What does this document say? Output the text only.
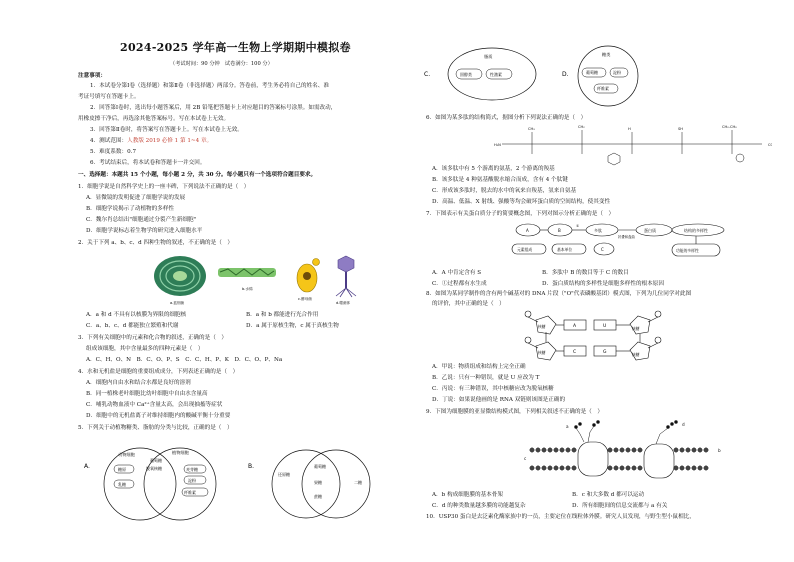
2024-2025 学年高一生物上学期期中模拟卷
（考试时间：90 分钟　试卷满分：100 分）
注意事项：
1．本试卷分第Ⅰ卷（选择题）和第Ⅱ卷（非选择题）两部分。答卷前，考生务必将自己的姓名、准
考证号填写在答题卡上。
2．回答第Ⅰ卷时，选出每小题答案后，用 2B 铅笔把答题卡上对应题目的答案标号涂黑。如需改动，
用橡皮擦干净后，再选涂其他答案标号。写在本试卷上无效。
3．回答第Ⅱ卷时，将答案写在答题卡上。写在本试卷上无效。
4．测试范围：人教版 2019 必修 1 第 1~4 章。
5．难度系数：0.7
6．考试结束后，将本试卷和答题卡一并交回。
一、选择题：本题共 15 个小题，每小题 2 分，共 30 分。每小题只有一个选项符合题目要求。
1．细胞学说是自然科学史上的一座丰碑，下列说法不正确的是（　）
A．显微镜的发明促进了细胞学说的发展
B．细胞学说揭示了动植物的多样性
C．魏尔肖总结出"细胞通过分裂产生新细胞"
D．细胞学说标志着生物学的研究进入细胞水平
2．关于下列 a、b、c、d 四种生物的叙述，不正确的是（　）
a.蓝细菌
b.水绵
c.酵母菌
d.噬菌体
A．a 和 d 不具有以核膜为界限的细胞核	B．a 和 b 都能进行光合作用
C．a、b、c、d 都能独立繁殖和代谢	D．a 属于原核生物，c 属于真核生物
3．下列有关细胞中的元素和化合物的叙述，正确的是（　）
组成该细胞，其中含量最多的四种元素是（　）
A．C、H、O、N　B．C、O、P、S　C．C、H、P、K　D．C、O、P、Na
4．水和无机盐是细胞的重要组成成分，下列表述正确的是（　）
A．细胞内自由水和结合水都是良好的溶剂
B．同一植株老叶细胞比幼叶细胞中自由水含量高
C．哺乳动物血液中 Ca²⁺含量太高，会出现抽搐等症状
D．细胞中的无机盐离子对维持细胞内的酸碱平衡十分重要
5．下列关于动植物糖类、脂肪的分类与比较，正确的是（　）
A.
动物细胞	植物细胞
糖原
乳糖
葡萄糖
脱氧核糖	麦芽糖
淀粉
纤维素
B.
还原糖
葡萄糖
果糖
蔗糖
二糖
C.
脂质
固醇类	性激素	D.
糖类
葡萄糖	淀粉
纤维素
6．如图为某多肽的结构简式，据图分析下列说法正确的是（　）
H₂N	COOH
CH₃	CH₂	H	SH	CH₂-CH₃
A．该多肽中有 5 个游离的氨基，2 个游离的羧基
B．该多肽是 4 种氨基酸脱水缩合而成，含有 4 个肽键
C．形成该多肽时，脱去的水中的氧来自羧基，氢来自氨基
D．高温、低温、X 射线、强酸等均会破坏蛋白质的空间结构，使其变性
7．下图表示有关蛋白质分子的简要概念图，下列对图示分析正确的是（　）
A	B	多肽	蛋白质	结构的多样性
元素组成	基本单位	C	功能的多样性
①
折叠和盘曲
A．A 中肯定含有 S	B．多肽中 B 的数目等于 C 的数目
C．①过程都有水生成	D．蛋白质结构的多样性是细胞多样性的根本原因
8．如图为某同学制作的含有两个碱基对的 DNA 片段（"O"代表磷酸基团）模式图，下列为几位同学对此图
的评价，其中正确的是（　）
核糖	核糖
核糖	核糖
A	U
C	G
A．甲说：物质组成和结构上完全正确
B．乙说：只有一种错误，就是 U 应改为 T
C．丙说：有三种错误，其中核糖应改为脱氧核糖
D．丁说：如果说他画的是 RNA 双链则该图是正确的
9．下图为细胞膜的亚显微结构模式图，下列相关叙述不正确的是（　）
a
b
c
d
A．b 构成细胞膜的基本骨架	B．c 和大多数 d 都可以运动
C．d 的种类数量越多膜的功能越复杂	D．所有细胞间的信息交流都与 a 有关
10．USP30 蛋白是去泛素化酶家族中的一员，主要定位在线粒体外膜。研究人员发现，与野生型小鼠相比，
